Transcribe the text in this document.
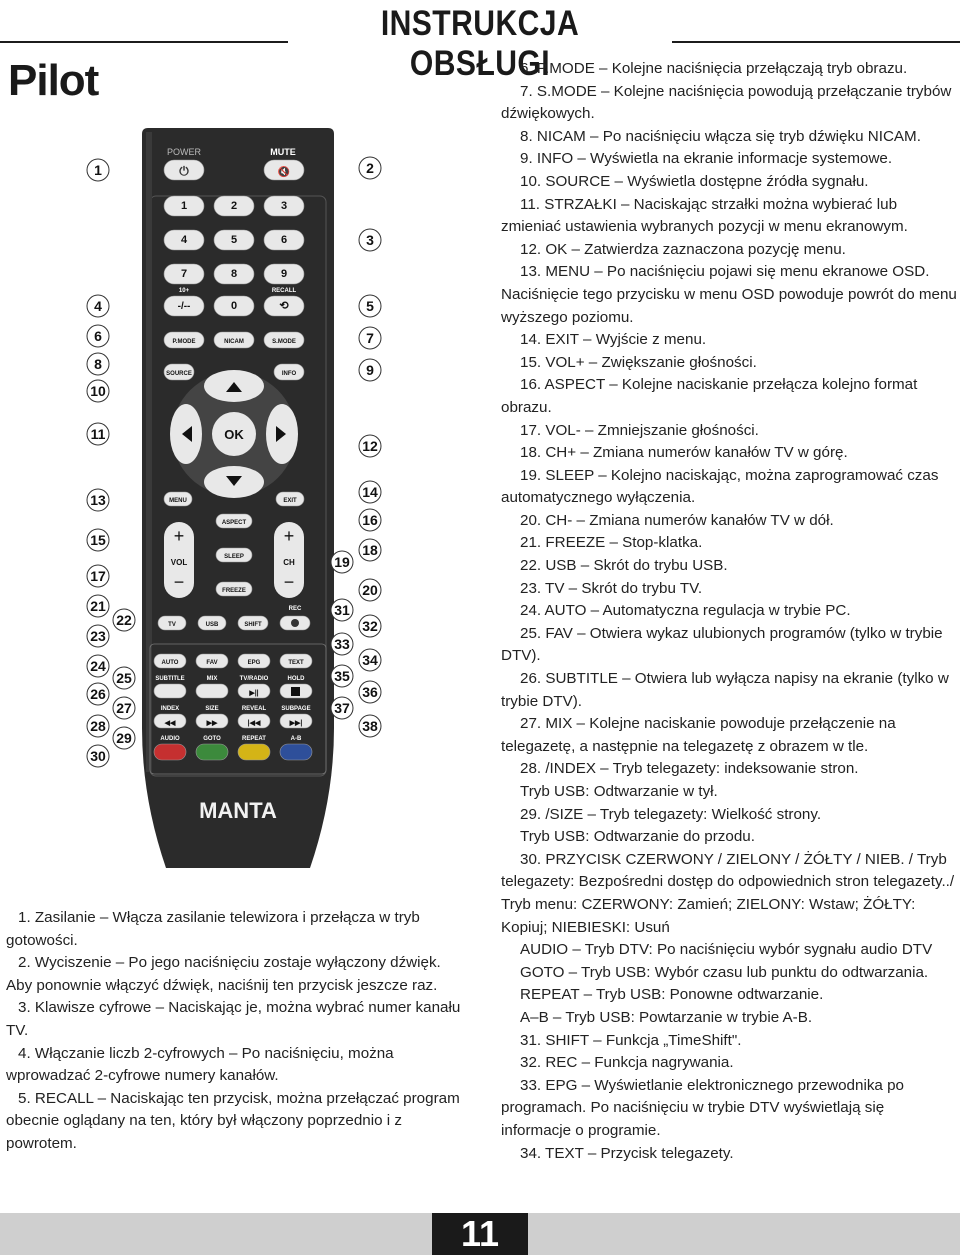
INSTRUKCJA OBSŁUGI
Pilot
POWER	MUTE
⏻	🔇
1	2	3
4	5	6
7	8	9
10+
-/--	0
RECALL
⟲
P.MODE	NICAM	S.MODE
SOURCE	INFO
OK
MENU	EXIT
+
VOL
−
+
CH
−
ASPECT
SLEEP
FREEZE
TV	USB	SHIFT
REC
AUTO	FAV	EPG	TEXT
SUBTITLE	MIX	TV/RADIO	HOLD
▶||
INDEX	SIZE	REVEAL	SUBPAGE
◀◀	▶▶	|◀◀	▶▶|
AUDIO	GOTO	REPEAT	A-B
MANTA
1
4
6
8
10
11
13
15
17
21
22
23
24
25
26
27
28
29
30
2
3
5
7
9
12
14
16
18
19
20
31
32
33
34
35
36
37
38

1. Zasilanie – Włącza zasilanie telewizora i przełącza w tryb gotowości.

2. Wyciszenie – Po jego naciśnięciu zostaje wyłączony dźwięk. Aby ponownie włączyć dźwięk, naciśnij ten przycisk jeszcze raz.

3. Klawisze cyfrowe – Naciskając je, można wybrać numer kanału TV.

4. Włączanie liczb 2-cyfrowych – Po naciśnięciu, można wprowadzać 2-cyfrowe numery kanałów.

5. RECALL – Naciskając ten przycisk, można przełączać program obecnie oglądany na ten, który był włączony poprzednio i z powrotem.

6. P.MODE – Kolejne naciśnięcia przełączają tryb obrazu.

7. S.MODE – Kolejne naciśnięcia powodują przełączanie trybów dźwiękowych.

8. NICAM – Po naciśnięciu włącza się tryb dźwięku NICAM.

9. INFO – Wyświetla na ekranie informacje systemowe.

10. SOURCE – Wyświetla dostępne źródła sygnału.

11. STRZAŁKI – Naciskając strzałki można wybierać lub zmieniać ustawienia wybranych pozycji w menu ekranowym.

12. OK – Zatwierdza zaznaczona pozycję menu.

13. MENU – Po naciśnięciu pojawi się menu ekranowe OSD. Naciśnięcie tego przycisku w menu OSD powoduje powrót do menu wyższego poziomu.

14. EXIT – Wyjście z menu.

15. VOL+ – Zwiększanie głośności.

16. ASPECT – Kolejne naciskanie przełącza kolejno format obrazu.

17. VOL- – Zmniejszanie głośności.

18. CH+ – Zmiana numerów kanałów TV w górę.

19. SLEEP – Kolejno naciskając, można zaprogramować czas automatycznego wyłączenia.

20. CH- – Zmiana numerów kanałów TV w dół.

21. FREEZE – Stop-klatka.

22. USB – Skrót do trybu USB.

23. TV – Skrót do trybu TV.

24. AUTO – Automatyczna regulacja w trybie PC.

25. FAV – Otwiera wykaz ulubionych programów (tylko w trybie DTV).

26. SUBTITLE – Otwiera lub wyłącza napisy na ekranie (tylko w trybie DTV).

27. MIX – Kolejne naciskanie powoduje przełączenie na telegazetę, a następnie na telegazetę z obrazem w tle.

28. /INDEX – Tryb telegazety: indeksowanie stron.

Tryb USB: Odtwarzanie w tył.

29. /SIZE – Tryb telegazety: Wielkość strony.

Tryb USB: Odtwarzanie do przodu.

30. PRZYCISK CZERWONY / ZIELONY / ŻÓŁTY / NIEB. / Tryb telegazety: Bezpośredni dostęp do odpowiednich stron telegazety../ Tryb menu: CZERWONY: Zamień; ZIELONY: Wstaw; ŻÓŁTY: Kopiuj; NIEBIESKI: Usuń

AUDIO – Tryb DTV: Po naciśnięciu wybór sygnału audio DTV

GOTO – Tryb USB: Wybór czasu lub punktu do odtwarzania.

REPEAT – Tryb USB: Ponowne odtwarzanie.

A–B – Tryb USB: Powtarzanie w trybie A-B.

31. SHIFT – Funkcja „TimeShift".

32. REC – Funkcja nagrywania.

33. EPG – Wyświetlanie elektronicznego przewodnika po programach. Po naciśnięciu w trybie DTV wyświetlają się informacje o programie.

34. TEXT – Przycisk telegazety.

11
